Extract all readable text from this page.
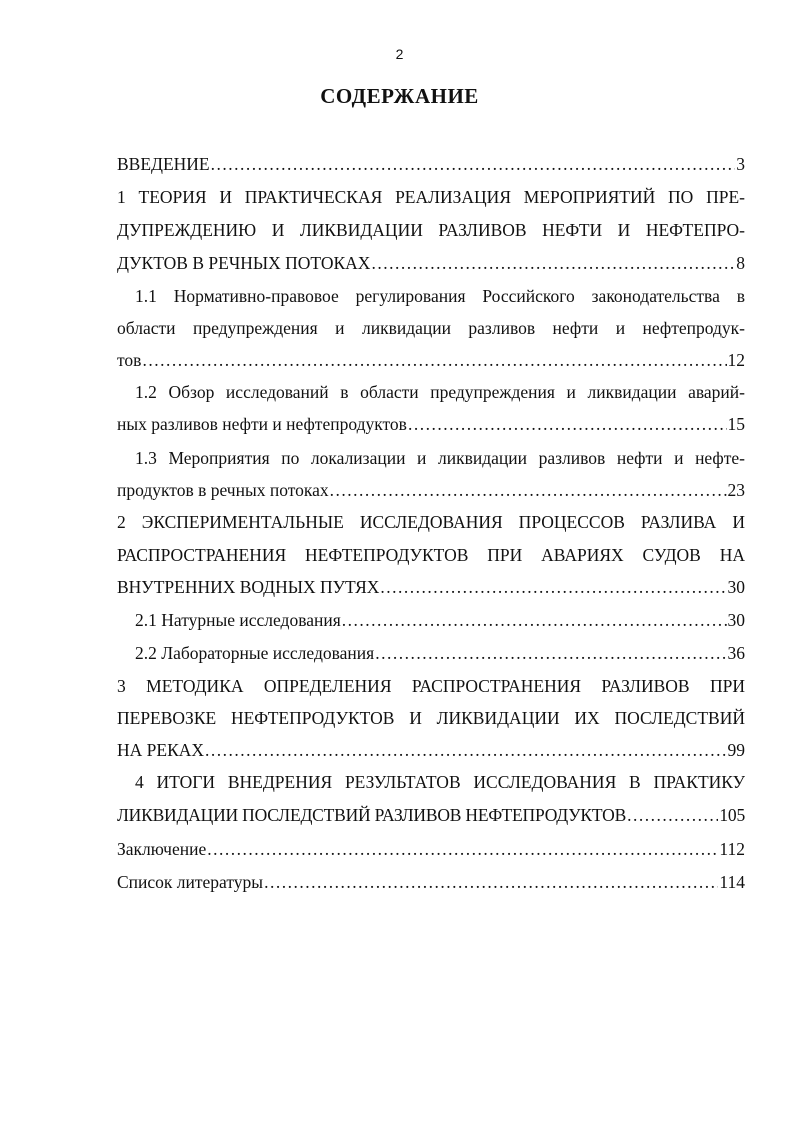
2
СОДЕРЖАНИЕ
ВВЕДЕНИЕ .....	3
1 ТЕОРИЯ И ПРАКТИЧЕСКАЯ РЕАЛИЗАЦИЯ МЕРОПРИЯТИЙ ПО ПРЕ-
ДУПРЕЖДЕНИЮ И ЛИКВИДАЦИИ РАЗЛИВОВ НЕФТИ И НЕФТЕПРО-
ДУКТОВ В РЕЧНЫХ ПОТОКАХ .....	8
1.1 Нормативно-правовое регулирования Российского законодательства в
области предупреждения и ликвидации разливов нефти и нефтепродук-
тов .....	12
1.2 Обзор исследований в области предупреждения и ликвидации аварий-
ных разливов нефти и нефтепродуктов .....	15
1.3 Мероприятия по локализации и ликвидации разливов нефти и нефте-
продуктов в речных потоках .....	23
2 ЭКСПЕРИМЕНТАЛЬНЫЕ ИССЛЕДОВАНИЯ ПРОЦЕССОВ РАЗЛИВА И
РАСПРОСТРАНЕНИЯ НЕФТЕПРОДУКТОВ ПРИ АВАРИЯХ СУДОВ НА
ВНУТРЕННИХ ВОДНЫХ ПУТЯХ .....	30
2.1 Натурные исследования .....	30
2.2 Лабораторные исследования .....	36
3 МЕТОДИКА ОПРЕДЕЛЕНИЯ РАСПРОСТРАНЕНИЯ РАЗЛИВОВ ПРИ
ПЕРЕВОЗКЕ НЕФТЕПРОДУКТОВ И ЛИКВИДАЦИИ ИХ ПОСЛЕДСТВИЙ
НА РЕКАХ .....	99
4 ИТОГИ ВНЕДРЕНИЯ РЕЗУЛЬТАТОВ ИССЛЕДОВАНИЯ В ПРАКТИКУ
ЛИКВИДАЦИИ ПОСЛЕДСТВИЙ РАЗЛИВОВ НЕФТЕПРОДУКТОВ .....	105
Заключение .....	112
Список литературы .....	114
